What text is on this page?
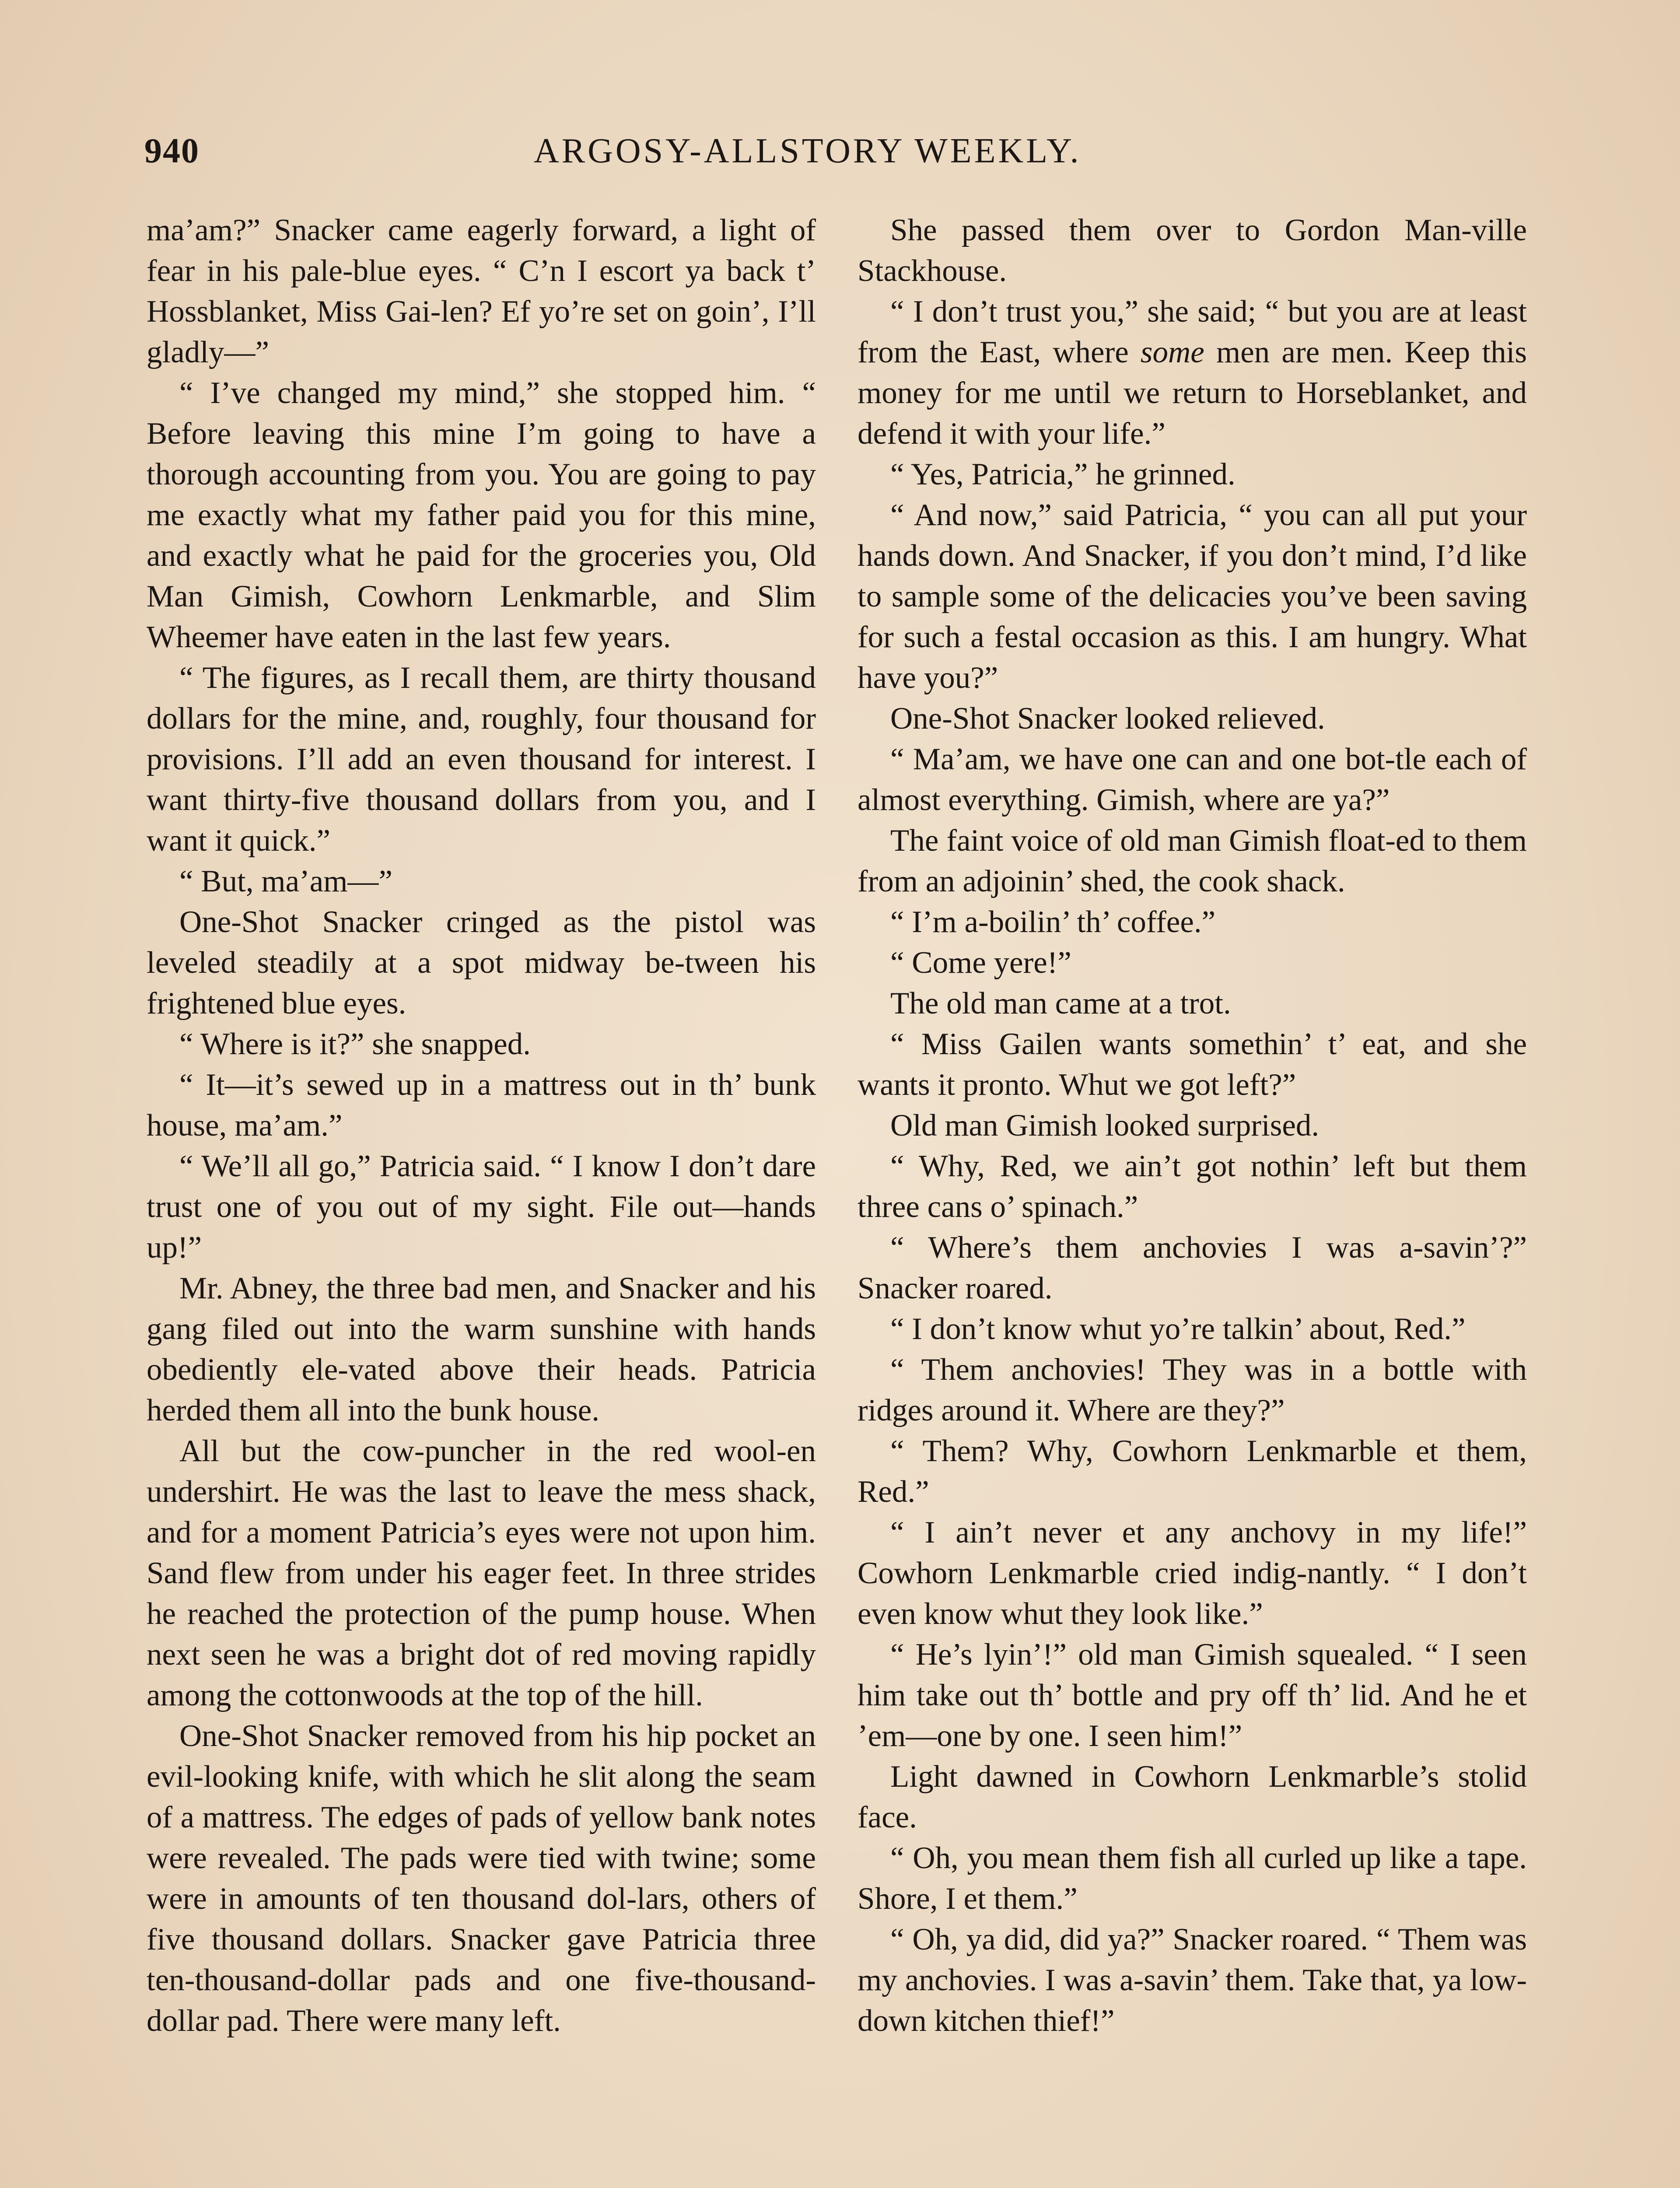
940	ARGOSY-ALLSTORY WEEKLY.

ma’am?” Snacker came eagerly forward, a light of fear in his pale-blue eyes. “ C’n I escort ya back t’ Hossblanket, Miss Gai-len? Ef yo’re set on goin’, I’ll gladly—”

“ I’ve changed my mind,” she stopped him. “ Before leaving this mine I’m going to have a thorough accounting from you. You are going to pay me exactly what my father paid you for this mine, and exactly what he paid for the groceries you, Old Man Gimish, Cowhorn Lenkmarble, and Slim Wheemer have eaten in the last few years.

“ The figures, as I recall them, are thirty thousand dollars for the mine, and, roughly, four thousand for provisions. I’ll add an even thousand for interest. I want thirty-five thousand dollars from you, and I want it quick.”

“ But, ma’am—”

One-Shot Snacker cringed as the pistol was leveled steadily at a spot midway be-tween his frightened blue eyes.

“ Where is it?” she snapped.

“ It—it’s sewed up in a mattress out in th’ bunk house, ma’am.”

“ We’ll all go,” Patricia said. “ I know I don’t dare trust one of you out of my sight. File out—hands up!”

Mr. Abney, the three bad men, and Snacker and his gang filed out into the warm sunshine with hands obediently ele-vated above their heads. Patricia herded them all into the bunk house.

All but the cow-puncher in the red wool-en undershirt. He was the last to leave the mess shack, and for a moment Patricia’s eyes were not upon him. Sand flew from under his eager feet. In three strides he reached the protection of the pump house. When next seen he was a bright dot of red moving rapidly among the cottonwoods at the top of the hill.

One-Shot Snacker removed from his hip pocket an evil-looking knife, with which he slit along the seam of a mattress. The edges of pads of yellow bank notes were revealed. The pads were tied with twine; some were in amounts of ten thousand dol-lars, others of five thousand dollars. Snacker gave Patricia three ten-thousand-dollar pads and one five-thousand-dollar pad. There were many left.

She passed them over to Gordon Man-ville Stackhouse.

“ I don’t trust you,” she said; “ but you are at least from the East, where some men are men. Keep this money for me until we return to Horseblanket, and defend it with your life.”

“ Yes, Patricia,” he grinned.

“ And now,” said Patricia, “ you can all put your hands down. And Snacker, if you don’t mind, I’d like to sample some of the delicacies you’ve been saving for such a festal occasion as this. I am hungry. What have you?”

One-Shot Snacker looked relieved.

“ Ma’am, we have one can and one bot-tle each of almost everything. Gimish, where are ya?”

The faint voice of old man Gimish float-ed to them from an adjoinin’ shed, the cook shack.

“ I’m a-boilin’ th’ coffee.”

“ Come yere!”

The old man came at a trot.

“ Miss Gailen wants somethin’ t’ eat, and she wants it pronto. Whut we got left?”

Old man Gimish looked surprised.

“ Why, Red, we ain’t got nothin’ left but them three cans o’ spinach.”

“ Where’s them anchovies I was a-savin’?” Snacker roared.

“ I don’t know whut yo’re talkin’ about, Red.”

“ Them anchovies! They was in a bottle with ridges around it. Where are they?”

“ Them? Why, Cowhorn Lenkmarble et them, Red.”

“ I ain’t never et any anchovy in my life!” Cowhorn Lenkmarble cried indig-nantly. “ I don’t even know whut they look like.”

“ He’s lyin’!” old man Gimish squealed. “ I seen him take out th’ bottle and pry off th’ lid. And he et ’em—one by one. I seen him!”

Light dawned in Cowhorn Lenkmarble’s stolid face.

“ Oh, you mean them fish all curled up like a tape. Shore, I et them.”

“ Oh, ya did, did ya?” Snacker roared. “ Them was my anchovies. I was a-savin’ them. Take that, ya low-down kitchen thief!”
